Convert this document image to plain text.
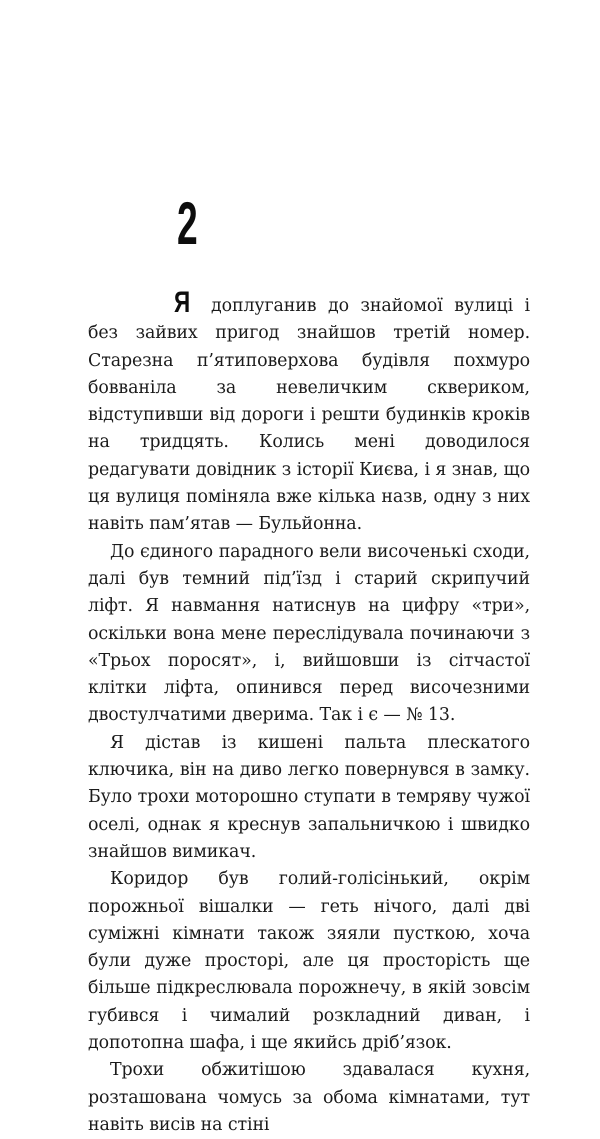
2

Я доплуганив до знайомої вулиці і без зайвих пригод знайшов третій номер. Старезна п’ятиповерхова будівля похмуро бовваніла за невеличким сквериком, відступивши від дороги і решти будинків кроків на тридцять. Колись мені доводилося редагувати довідник з історії Києва, і я знав, що ця вулиця поміняла вже кілька назв, одну з них навіть пам’ятав — Бульйонна.

До єдиного парадного вели височенькі сходи, далі був темний під’їзд і старий скрипучий ліфт. Я навмання натиснув на цифру «три», оскільки вона мене переслідувала починаючи з «Трьох поросят», і, вийшовши із сітчастої клітки ліфта, опинився перед височезними двостулчатими дверима. Так і є — № 13.

Я дістав із кишені пальта плескатого ключика, він на диво легко повернувся в замку. Було трохи моторошно ступати в темряву чужої оселі, однак я креснув запальничкою і швидко знайшов вимикач.

Коридор був голий-голісінький, окрім порожньої вішалки — геть нічого, далі дві суміжні кімнати також зяяли пусткою, хоча були дуже просторі, але ця просторість ще більше підкреслювала порожнечу, в якій зовсім губився і чималий розкладний диван, і допотопна шафа, і ще якийсь дріб’язок.

Трохи обжитішою здавалася кухня, розташована чомусь за обома кімнатами, тут навіть висів на стіні
